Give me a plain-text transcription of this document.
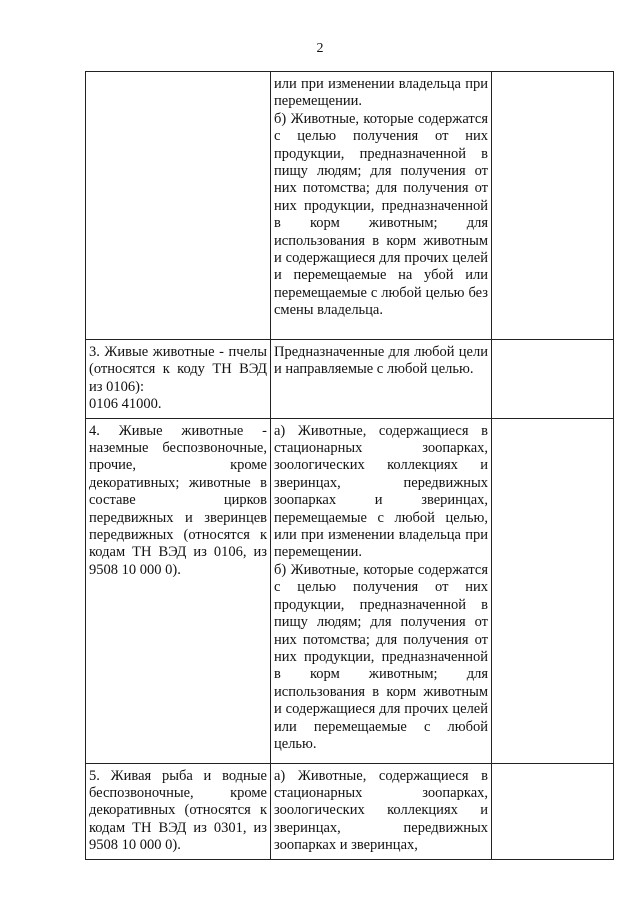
2

	или при изменении владельца при перемещении.
б) Животные, которые содержатся с целью получения от них продукции, предназначенной в пищу людям; для получения от них потомства; для получения от них продукции, предназначенной в корм животным; для использования в корм животным и содержащиеся для прочих целей и перемещаемые на убой или перемещаемые с любой целью без смены владельца.	

3. Живые животные - пчелы (относятся к коду ТН ВЭД из 0106):
0106 41000.	Предназначенные для любой цели и направляемые с любой целью.	

4. Живые животные - наземные беспозвоночные, прочие, кроме декоративных; животные в составе цирков передвижных и зверинцев передвижных (относятся к кодам ТН ВЭД из 0106, из 9508 10 000 0).	а) Животные, содержащиеся в стационарных зоопарках, зоологических коллекциях и зверинцах, передвижных зоопарках и зверинцах, перемещаемые с любой целью, или при изменении владельца при перемещении.
б) Животные, которые содержатся с целью получения от них продукции, предназначенной в пищу людям; для получения от них потомства; для получения от них продукции, предназначенной в корм животным; для использования в корм животным и содержащиеся для прочих целей или перемещаемые с любой целью.	

5. Живая рыба и водные беспозвоночные, кроме декоративных (относятся к кодам ТН ВЭД из 0301, из 9508 10 000 0).	а) Животные, содержащиеся в стационарных зоопарках, зоологических коллекциях и зверинцах, передвижных зоопарках и зверинцах,	
